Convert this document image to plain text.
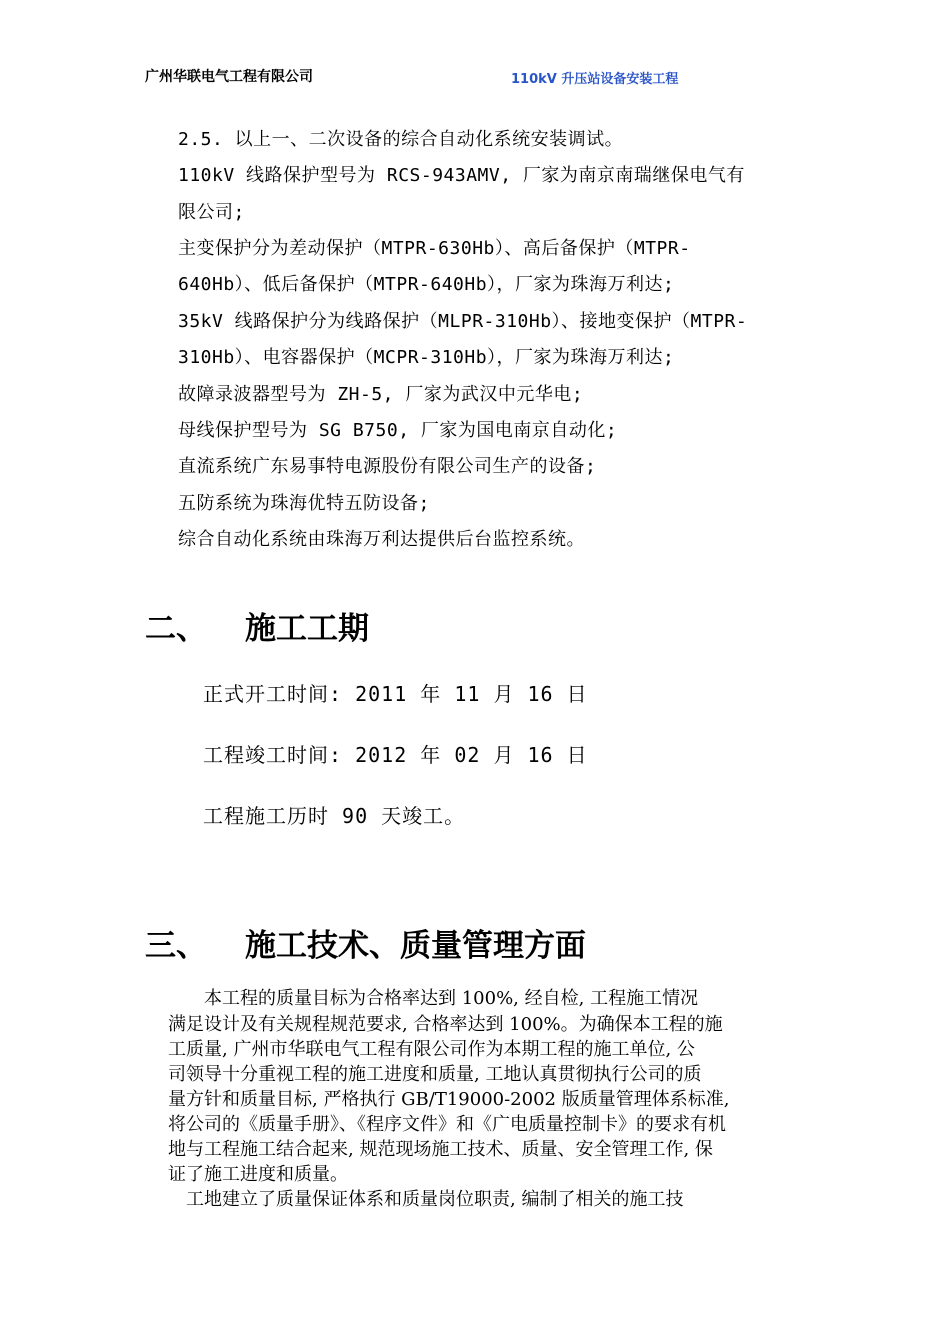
广州华联电气工程有限公司	110kV 升压站设备安装工程
2.5. 以上一、二次设备的综合自动化系统安装调试。
110kV 线路保护型号为 RCS-943AMV, 厂家为南京南瑞继保电气有
限公司;
主变保护分为差动保护（MTPR-630Hb）、高后备保护（MTPR-
640Hb）、低后备保护（MTPR-640Hb），厂家为珠海万利达;
35kV 线路保护分为线路保护（MLPR-310Hb）、接地变保护（MTPR-
310Hb）、电容器保护（MCPR-310Hb），厂家为珠海万利达;
故障录波器型号为 ZH-5, 厂家为武汉中元华电;
母线保护型号为 SG B750, 厂家为国电南京自动化;
直流系统广东易事特电源股份有限公司生产的设备;
五防系统为珠海优特五防设备;
综合自动化系统由珠海万利达提供后台监控系统。
二、 施工工期
正式开工时间: 2011 年 11 月 16 日
工程竣工时间: 2012 年 02 月 16 日
工程施工历时 90 天竣工。
三、 施工技术、质量管理方面
　　本工程的质量目标为合格率达到 100%, 经自检, 工程施工情况
满足设计及有关规程规范要求, 合格率达到 100%。为确保本工程的施
工质量, 广州市华联电气工程有限公司作为本期工程的施工单位, 公
司领导十分重视工程的施工进度和质量, 工地认真贯彻执行公司的质
量方针和质量目标, 严格执行 GB/T19000-2002 版质量管理体系标准,
将公司的《质量手册》、《程序文件》和《广电质量控制卡》的要求有机
地与工程施工结合起来, 规范现场施工技术、质量、安全管理工作, 保
证了施工进度和质量。
　工地建立了质量保证体系和质量岗位职责, 编制了相关的施工技
